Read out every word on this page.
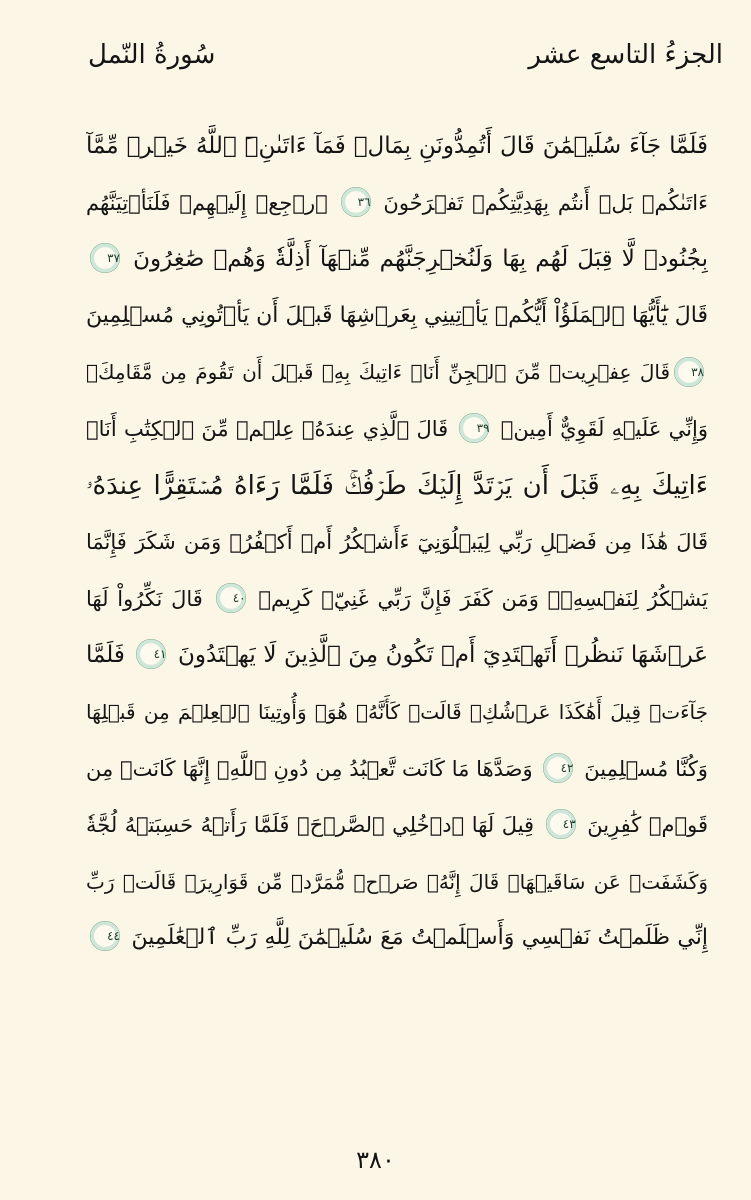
الجزءُ التاسع عشر
سُورةُ النّمل
فَلَمَّا جَآءَ سُلَيۡمَٰنَ قَالَ أَتُمِدُّونَنِ بِمَالٖ فَمَآ ءَاتَىٰنِۦَ ٱللَّهُ خَيۡرٞ مِّمَّآ
ءَاتَىٰكُمۚ بَلۡ أَنتُم بِهَدِيَّتِكُمۡ تَفۡرَحُونَ ٣٦ ٱرۡجِعۡ إِلَيۡهِمۡ فَلَنَأۡتِيَنَّهُم
بِجُنُودٖ لَّا قِبَلَ لَهُم بِهَا وَلَنُخۡرِجَنَّهُم مِّنۡهَآ أَذِلَّةٗ وَهُمۡ صَٰغِرُونَ ٣٧
قَالَ يَٰٓأَيُّهَا ٱلۡمَلَؤُاْ أَيُّكُمۡ يَأۡتِينِي بِعَرۡشِهَا قَبۡلَ أَن يَأۡتُونِي مُسۡلِمِينَ
٣٨قَالَ عِفۡرِيتٞ مِّنَ ٱلۡجِنِّ أَنَا۠ ءَاتِيكَ بِهِۦ قَبۡلَ أَن تَقُومَ مِن مَّقَامِكَۖ
وَإِنِّي عَلَيۡهِ لَقَوِيٌّ أَمِينٞ ٣٩ قَالَ ٱلَّذِي عِندَهُۥ عِلۡمٞ مِّنَ ٱلۡكِتَٰبِ أَنَا۠
ءَاتِيكَ بِهِۦ قَبۡلَ أَن يَرۡتَدَّ إِلَيۡكَ طَرۡفُكَۚ فَلَمَّا رَءَاهُ مُسۡتَقِرًّا عِندَهُۥ
قَالَ هَٰذَا مِن فَضۡلِ رَبِّي لِيَبۡلُوَنِيٓ ءَأَشۡكُرُ أَمۡ أَكۡفُرُۖ وَمَن شَكَرَ فَإِنَّمَا
يَشۡكُرُ لِنَفۡسِهِۦۖ وَمَن كَفَرَ فَإِنَّ رَبِّي غَنِيّٞ كَرِيمٞ ٤٠ قَالَ نَكِّرُواْ لَهَا
عَرۡشَهَا نَنظُرۡ أَتَهۡتَدِيٓ أَمۡ تَكُونُ مِنَ ٱلَّذِينَ لَا يَهۡتَدُونَ ٤١ فَلَمَّا
جَآءَتۡ قِيلَ أَهَٰكَذَا عَرۡشُكِۖ قَالَتۡ كَأَنَّهُۥ هُوَۚ وَأُوتِينَا ٱلۡعِلۡمَ مِن قَبۡلِهَا
وَكُنَّا مُسۡلِمِينَ ٤٢ وَصَدَّهَا مَا كَانَت تَّعۡبُدُ مِن دُونِ ٱللَّهِۖ إِنَّهَا كَانَتۡ مِن
قَوۡمٖ كَٰفِرِينَ ٤٣ قِيلَ لَهَا ٱدۡخُلِي ٱلصَّرۡحَۖ فَلَمَّا رَأَتۡهُ حَسِبَتۡهُ لُجَّةٗ
وَكَشَفَتۡ عَن سَاقَيۡهَاۚ قَالَ إِنَّهُۥ صَرۡحٞ مُّمَرَّدٞ مِّن قَوَارِيرَۗ قَالَتۡ رَبِّ
إِنِّي ظَلَمۡتُ نَفۡسِي وَأَسۡلَمۡتُ مَعَ سُلَيۡمَٰنَ لِلَّهِ رَبِّ ٱلۡعَٰلَمِينَ ٤٤
٣٨٠
